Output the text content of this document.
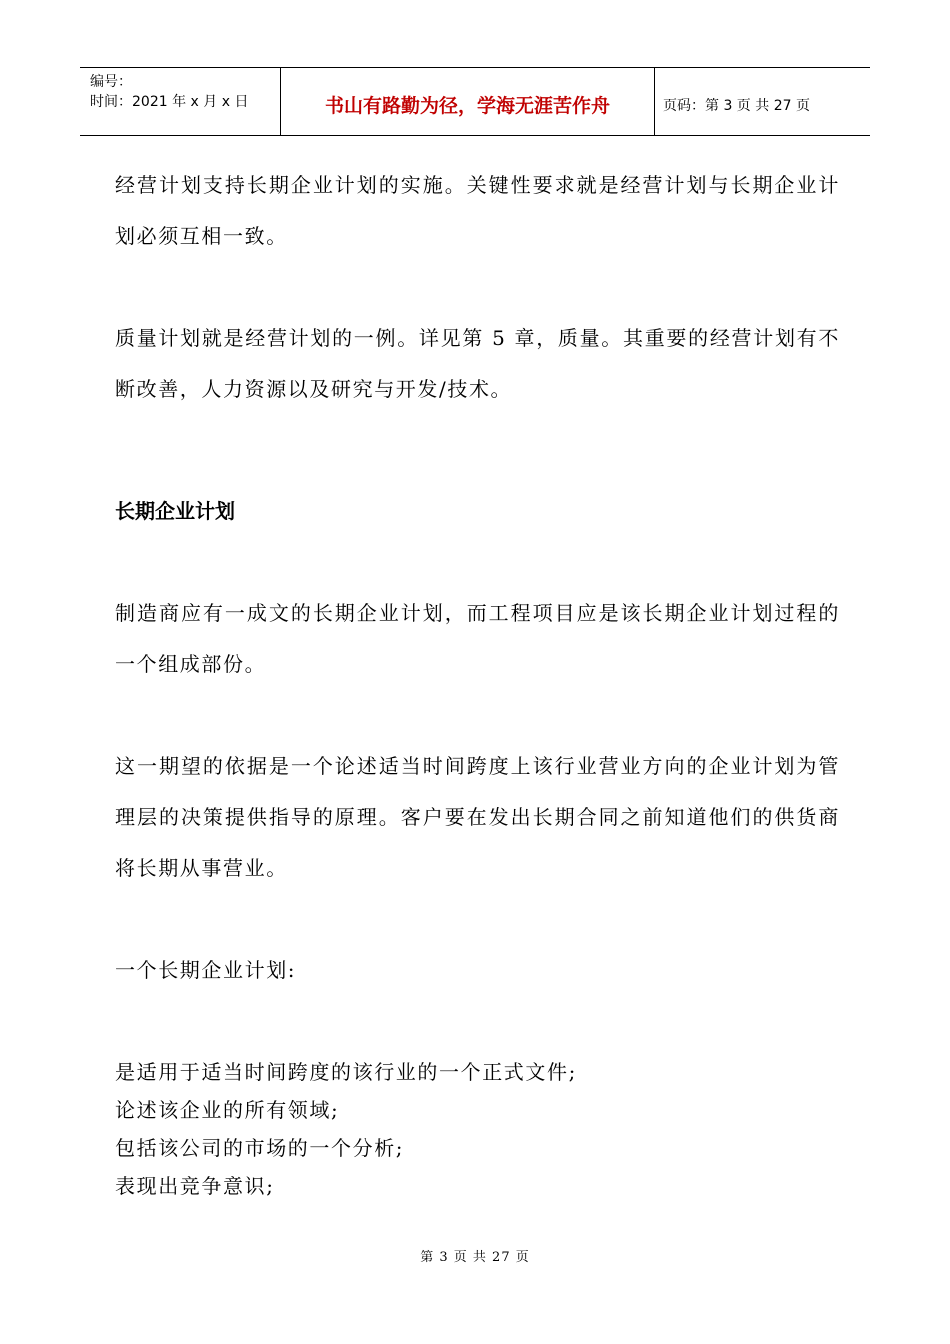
编号：
时间：2021 年 x 月 x 日	书山有路勤为径，学海无涯苦作舟	页码：第 3 页 共 27 页

经营计划支持长期企业计划的实施。关键性要求就是经营计划与长期企业计划必须互相一致。

质量计划就是经营计划的一例。详见第 5 章，质量。其重要的经营计划有不断改善，人力资源以及研究与开发/技术。

长期企业计划

制造商应有一成文的长期企业计划，而工程项目应是该长期企业计划过程的一个组成部份。

这一期望的依据是一个论述适当时间跨度上该行业营业方向的企业计划为管理层的决策提供指导的原理。客户要在发出长期合同之前知道他们的供货商将长期从事营业。

一个长期企业计划:

是适用于适当时间跨度的该行业的一个正式文件;

论述该企业的所有领域;

包括该公司的市场的一个分析;

表现出竞争意识;

第 3 页 共 27 页
